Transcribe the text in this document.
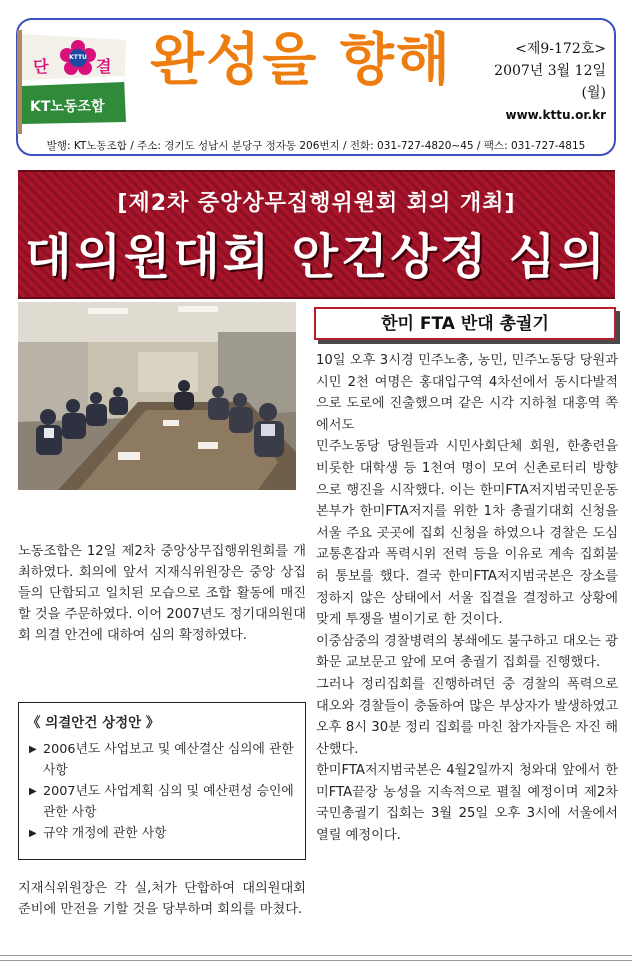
단	결
KTTU
KT노동조합
완성을 향해	<제9-172호>
2007년 3월 12일(월)
www.kttu.or.kr
발행: KT노동조합 / 주소: 경기도 성남시 분당구 정자동 206번지 / 전화: 031-727-4820~45 / 팩스: 031-727-4815
[제2차 중앙상무집행위원회 회의 개최]
대의원대회 안건상정 심의

노동조합은 12일 제2차 중앙상무집행위원회를 개최하였다. 회의에 앞서 지재식위원장은 중앙 상집들의 단합되고 일치된 모습으로 조합 활동에 매진할 것을 주문하였다. 이어 2007년도 정기대의원대회 의결 안건에 대하여 심의 확정하였다.

《 의결안건 상정안 》
▶ 2006년도 사업보고 및 예산결산 심의에 관한 사항
▶ 2007년도 사업계획 심의 및 예산편성 승인에 관한 사항
▶ 규약 개정에 관한 사항

지재식위원장은 각 실,처가 단합하여 대의원대회 준비에 만전을 기할 것을 당부하며 회의를 마쳤다.

한미 FTA 반대 총궐기

10일 오후 3시경 민주노총, 농민, 민주노동당 당원과 시민 2천 여명은 홍대입구역 4차선에서 동시다발적으로 도로에 진출했으며 같은 시각 지하철 대흥역 쪽에서도

민주노동당 당원들과 시민사회단체 회원, 한총련을 비롯한 대학생 등 1천여 명이 모여 신촌로터리 방향으로 행진을 시작했다. 이는 한미FTA저지범국민운동본부가 한미FTA저지를 위한 1차 총궐기대회 신청을 서울 주요 곳곳에 집회 신청을 하였으나 경찰은 도심교통혼잡과 폭력시위 전력 등을 이유로 계속 집회불허 통보를 했다. 결국 한미FTA저지범국본은 장소를 정하지 않은 상태에서 서울 집결을 결정하고 상황에 맞게 투쟁을 벌이기로 한 것이다.

이중삼중의 경찰병력의 봉쇄에도 불구하고 대오는 광화문 교보문고 앞에 모여 총궐기 집회를 진행했다.

그러나 정리집회를 진행하려던 중 경찰의 폭력으로 대오와 경찰들이 충돌하여 많은 부상자가 발생하였고 오후 8시 30분 정리 집회를 마친 참가자들은 자진 해산했다.

한미FTA저지범국본은 4월2일까지 청와대 앞에서 한미FTA끝장 농성을 지속적으로 펼칠 예정이며 제2차 국민총궐기 집회는 3월 25일 오후 3시에 서울에서 열릴 예정이다.
